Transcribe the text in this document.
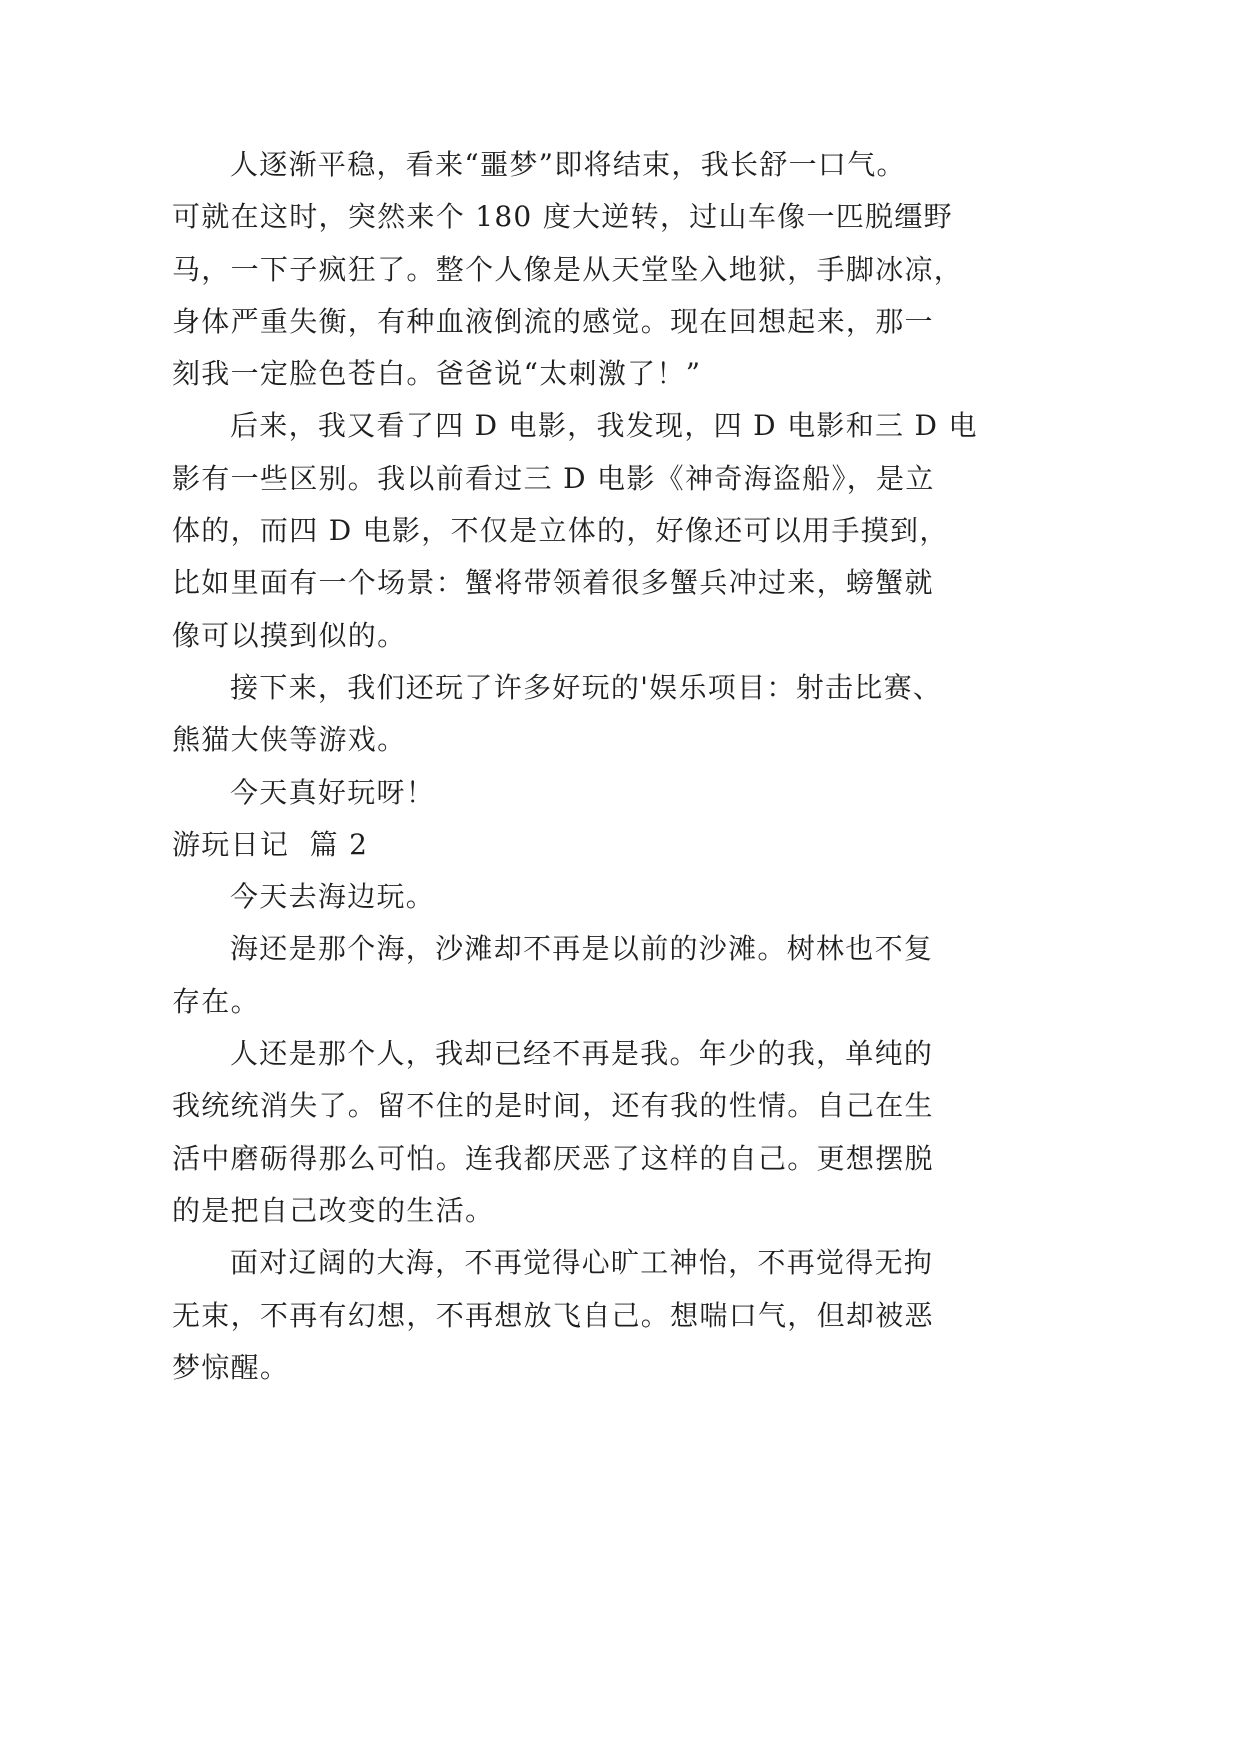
人逐渐平稳，看来“噩梦”即将结束，我长舒一口气。
可就在这时，突然来个 180 度大逆转，过山车像一匹脱缰野
马，一下子疯狂了。整个人像是从天堂坠入地狱，手脚冰凉，
身体严重失衡，有种血液倒流的感觉。现在回想起来，那一
刻我一定脸色苍白。爸爸说“太刺激了！”
后来，我又看了四 D 电影，我发现，四 D 电影和三 D 电
影有一些区别。我以前看过三 D 电影《神奇海盗船》，是立
体的，而四 D 电影，不仅是立体的，好像还可以用手摸到，
比如里面有一个场景：蟹将带领着很多蟹兵冲过来，螃蟹就
像可以摸到似的。
接下来，我们还玩了许多好玩的'娱乐项目：射击比赛、
熊猫大侠等游戏。
今天真好玩呀！
游玩日记  篇 2
今天去海边玩。
海还是那个海，沙滩却不再是以前的沙滩。树林也不复
存在。
人还是那个人，我却已经不再是我。年少的我，单纯的
我统统消失了。留不住的是时间，还有我的性情。自己在生
活中磨砺得那么可怕。连我都厌恶了这样的自己。更想摆脱
的是把自己改变的生活。
面对辽阔的大海，不再觉得心旷工神怡，不再觉得无拘
无束，不再有幻想，不再想放飞自己。想喘口气，但却被恶
梦惊醒。
